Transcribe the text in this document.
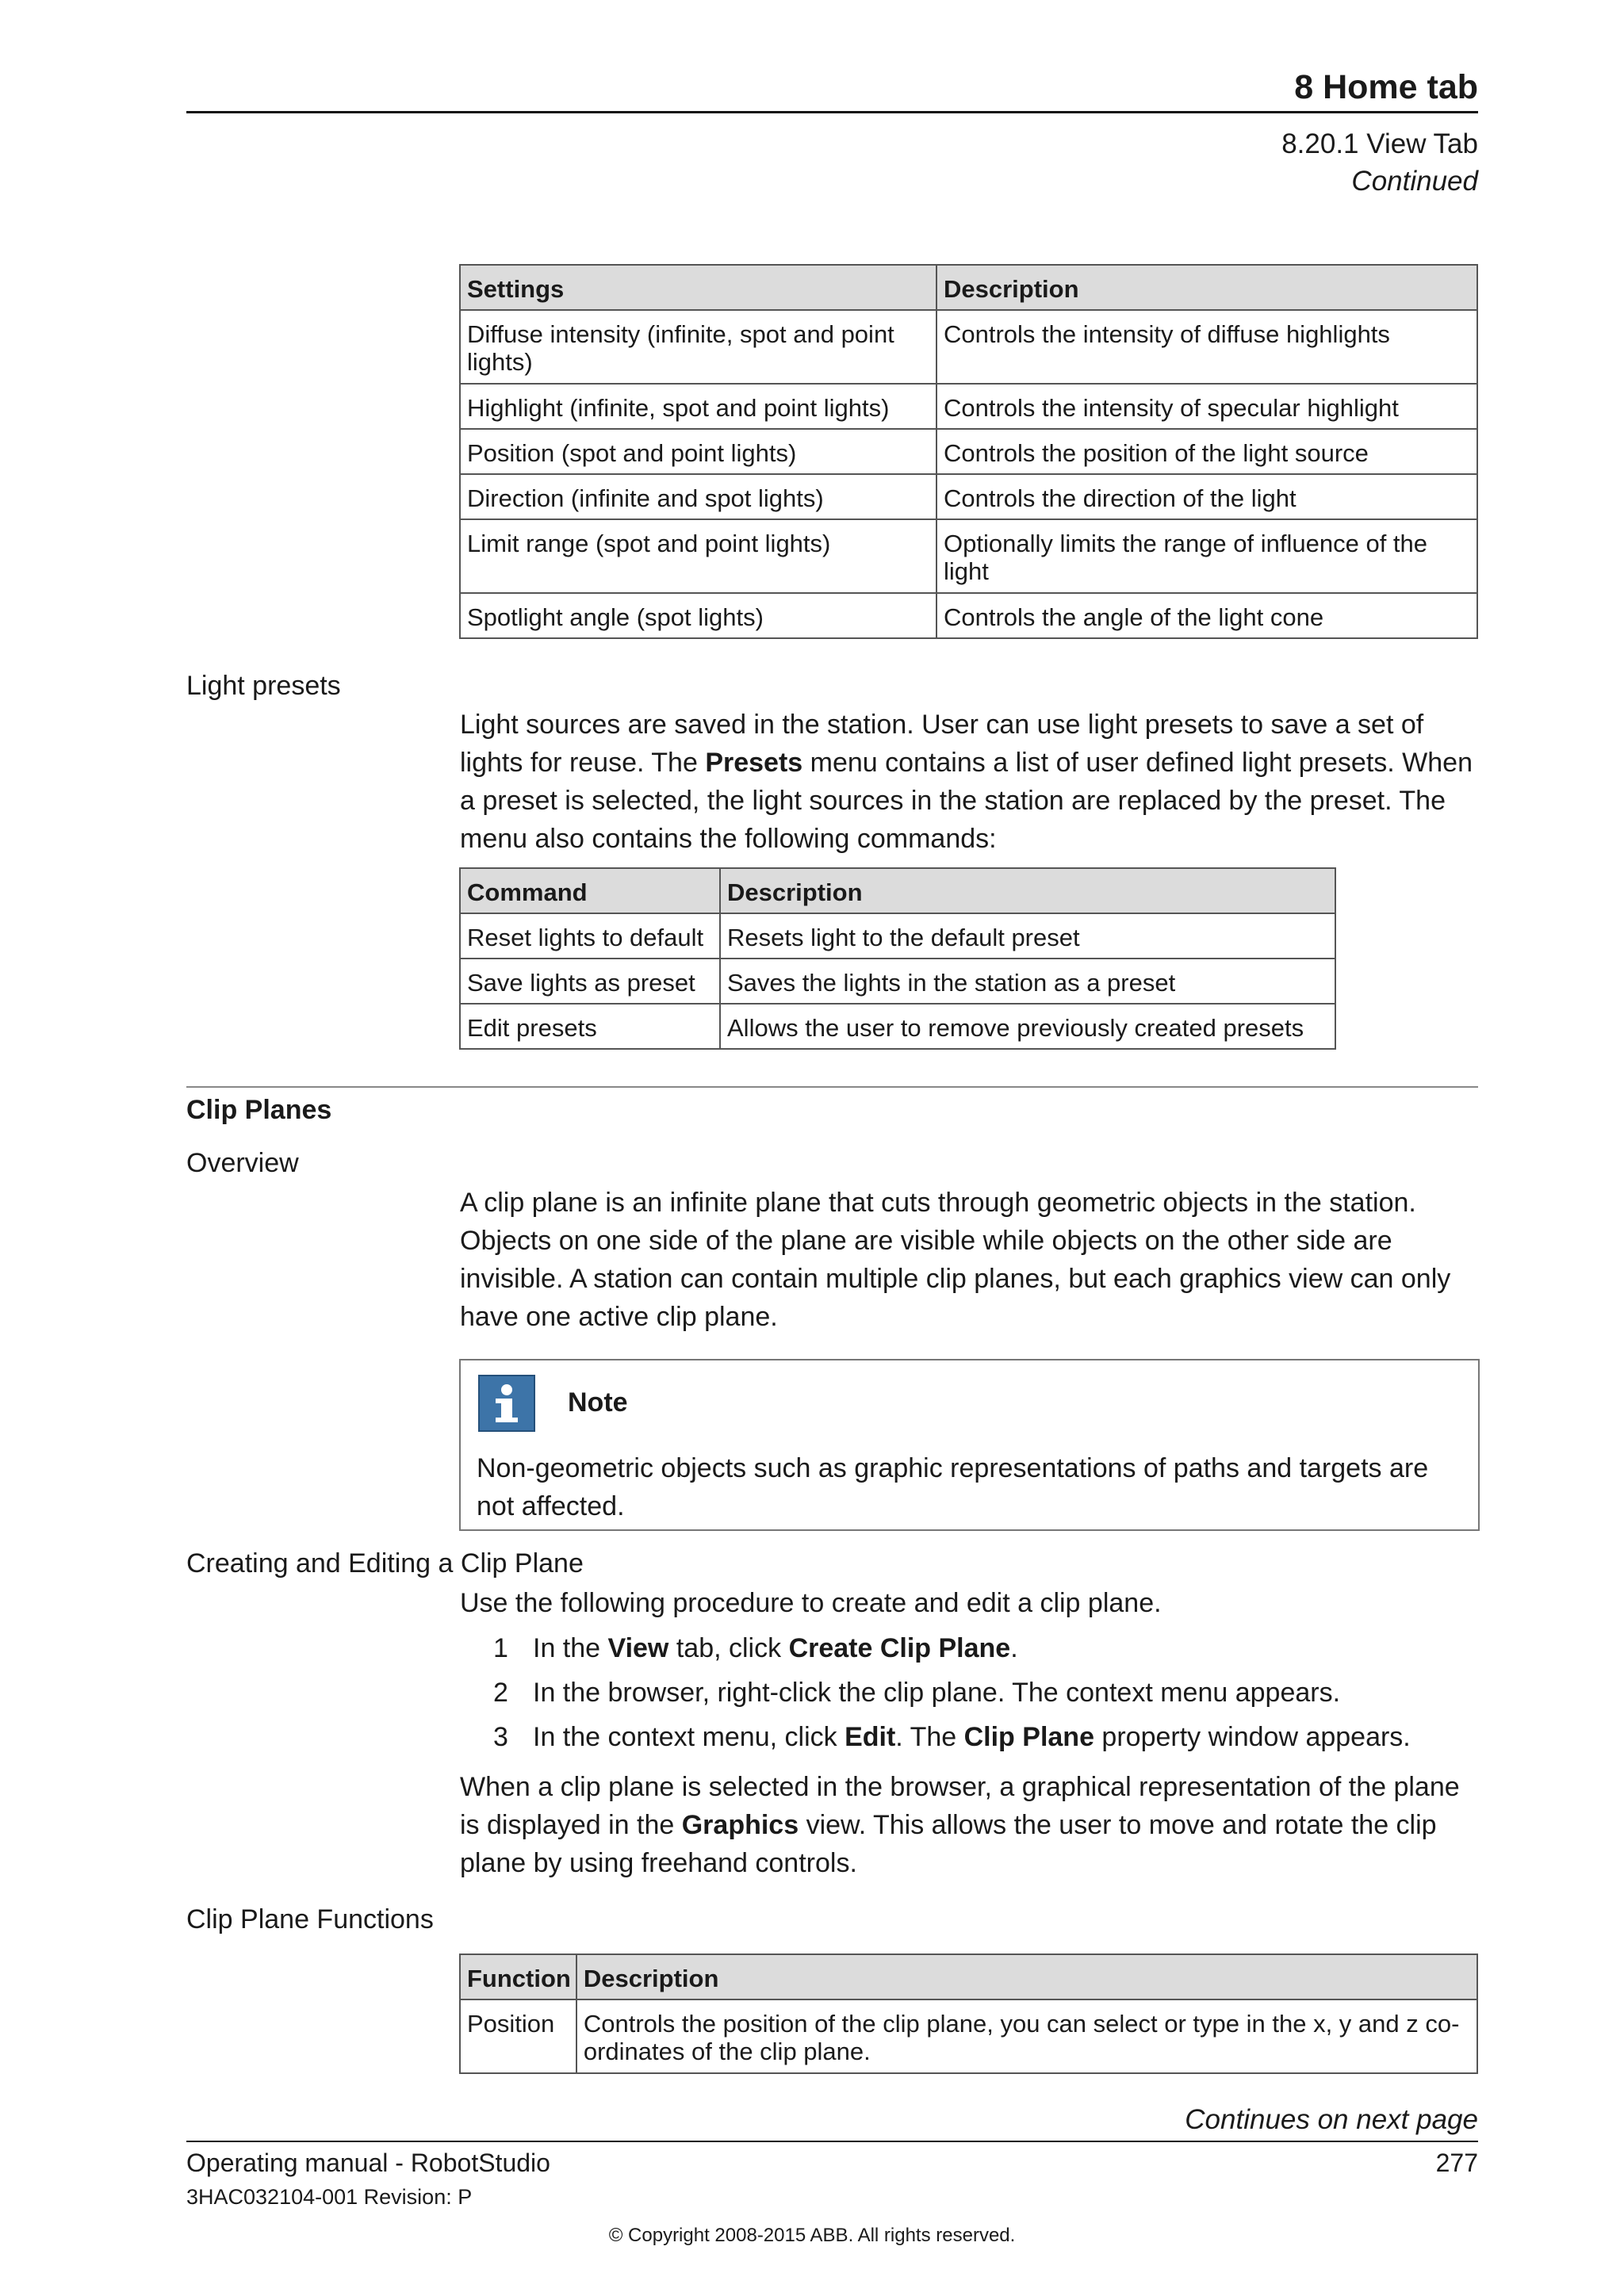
8 Home tab
8.20.1 View Tab
Continued
Settings	Description
Diffuse intensity (infinite, spot and point lights)	Controls the intensity of diffuse highlights
Highlight (infinite, spot and point lights)	Controls the intensity of specular highlight
Position (spot and point lights)	Controls the position of the light source
Direction (infinite and spot lights)	Controls the direction of the light
Limit range (spot and point lights)	Optionally limits the range of influence of the light
Spotlight angle (spot lights)	Controls the angle of the light cone
Light presets
Light sources are saved in the station. User can use light presets to save a set of lights for reuse. The Presets menu contains a list of user defined light presets. When a preset is selected, the light sources in the station are replaced by the preset. The menu also contains the following commands:
Command	Description
Reset lights to default	Resets light to the default preset
Save lights as preset	Saves the lights in the station as a preset
Edit presets	Allows the user to remove previously created presets
Clip Planes
Overview
A clip plane is an infinite plane that cuts through geometric objects in the station. Objects on one side of the plane are visible while objects on the other side are invisible. A station can contain multiple clip planes, but each graphics view can only have one active clip plane.
Note
Non-geometric objects such as graphic representations of paths and targets are not affected.
Creating and Editing a Clip Plane
Use the following procedure to create and edit a clip plane.
1 In the View tab, click Create Clip Plane.
2 In the browser, right-click the clip plane. The context menu appears.
3 In the context menu, click Edit. The Clip Plane property window appears.
When a clip plane is selected in the browser, a graphical representation of the plane is displayed in the Graphics view. This allows the user to move and rotate the clip plane by using freehand controls.
Clip Plane Functions
Function	Description
Position	Controls the position of the clip plane, you can select or type in the x, y and z co-ordinates of the clip plane.
Continues on next page
Operating manual - RobotStudio	277
3HAC032104-001 Revision: P
© Copyright 2008-2015 ABB. All rights reserved.
